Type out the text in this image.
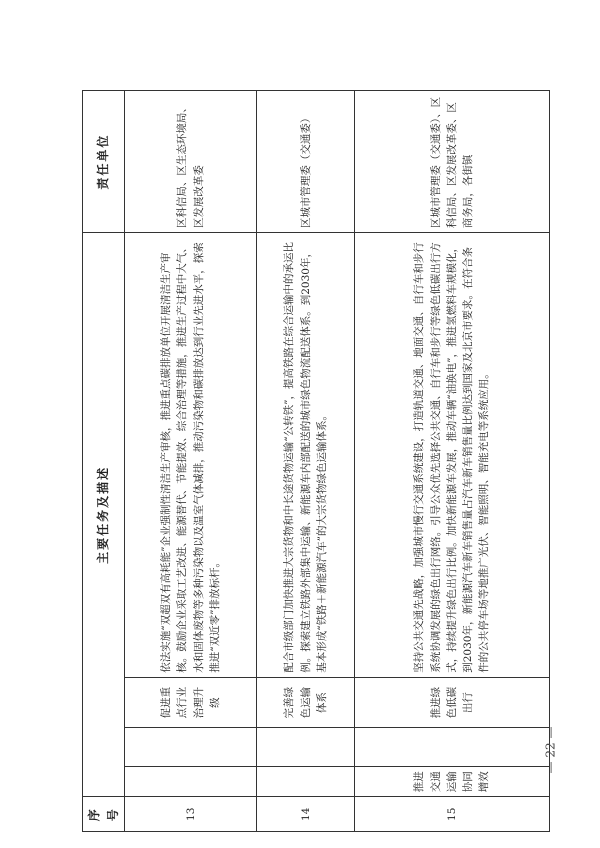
序号	主要任务及描述				责任单位
13			促进重点行业治理升级	依法实施“双超双有高耗能”企业强制性清洁生产审核，推进重点碳排放单位开展清洁生产审核。鼓励企业采取工艺改进、能源替代、节能提效、综合治理等措施，推进生产过程中大气、水和固体废物等多种污染物以及温室气体减排，推动污染物和碳排放达到行业先进水平，探索推进“双近零”排放标杆。	区科信局、区生态环境局、区发展改革委
14			完善绿色运输体系	配合市级部门加快推进大宗货物和中长途货物运输“公转铁”，提高铁路在综合运输中的承运比例。探索建立铁路外部集中运输、新能源车内部配送的城市绿色物流配送体系。到2030年，基本形成“铁路＋新能源汽车”的大宗货物绿色运输体系。	区城市管理委（交通委）
15	推进交通运输协同增效		推进绿色低碳出行	坚持公共交通先战略，加强城市慢行交通系统建设，打造轨道交通、地面交通、自行车和步行系统协调发展的绿色出行网络。引导公众优先选择公共交通、自行车和步行等绿色低碳出行方式，持续提升绿色出行比例。加快新能源车发展，推动车辆“油换电”，推进氢燃料车规模化，到2030年，新能源汽车新车销售量占汽车新车销售量比例达到国家及北京市要求。在符合条件的公共停车场等地推广光伏、智能照明、智能充电等系统应用。	区城市管理委（交通委）、区科信局、区发展改革委、区商务局，各街镇
— 22 —
